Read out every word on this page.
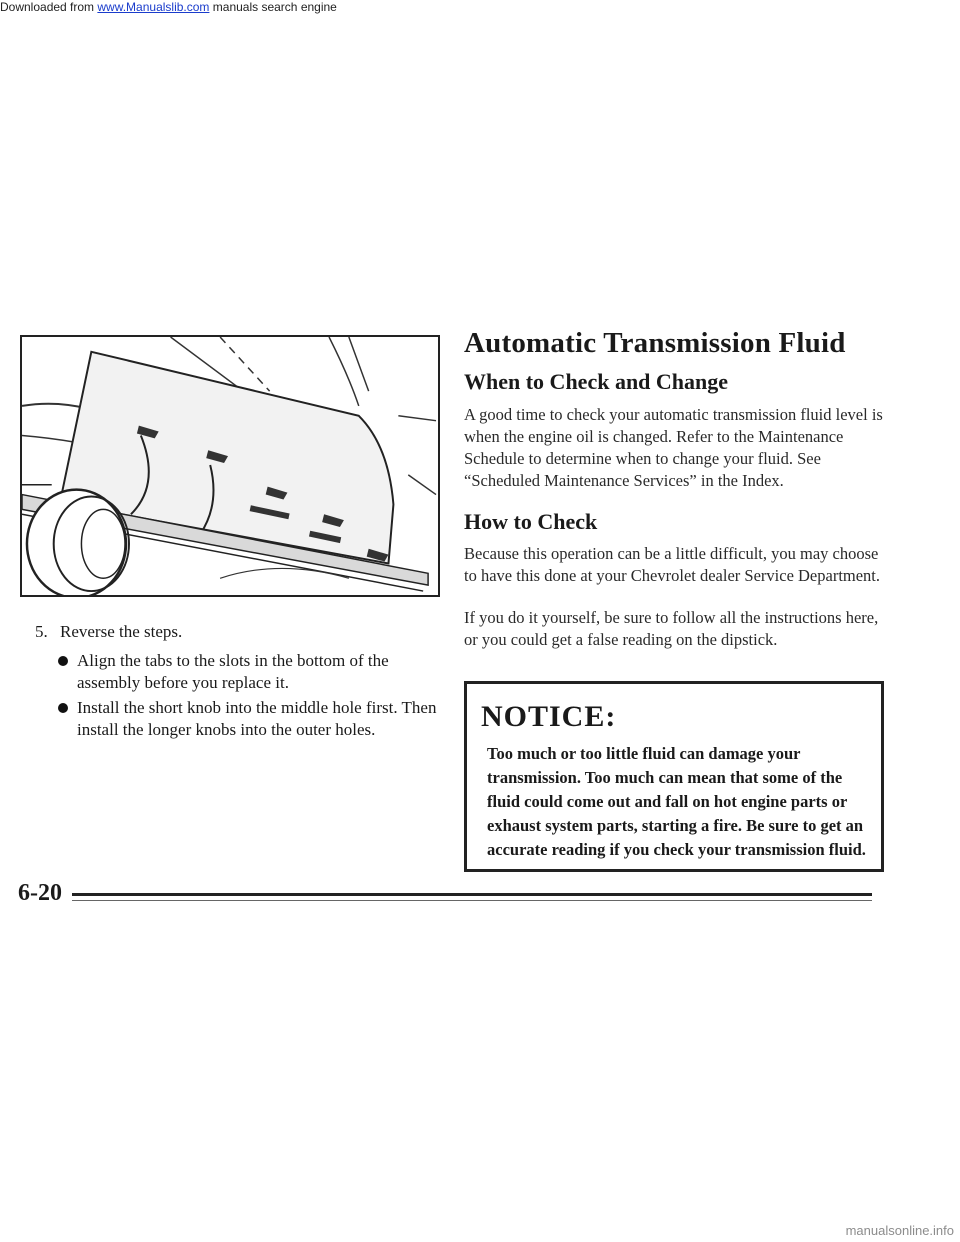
Downloaded from www.Manualslib.com manuals search engine
5. Reverse the steps.
Align the tabs to the slots in the bottom of the assembly before you replace it.
Install the short knob into the middle hole first. Then install the longer knobs into the outer holes.
Automatic Transmission Fluid
When to Check and Change
A good time to check your automatic transmission fluid level is when the engine oil is changed. Refer to the Maintenance Schedule to determine when to change your fluid. See “Scheduled Maintenance Services” in the Index.
How to Check
Because this operation can be a little difficult, you may choose to have this done at your Chevrolet dealer Service Department.
If you do it yourself, be sure to follow all the instructions here, or you could get a false reading on the dipstick.
NOTICE:
Too much or too little fluid can damage your transmission. Too much can mean that some of the fluid could come out and fall on hot engine parts or exhaust system parts, starting a fire. Be sure to get an accurate reading if you check your transmission fluid.
6-20
manualsonline.info
